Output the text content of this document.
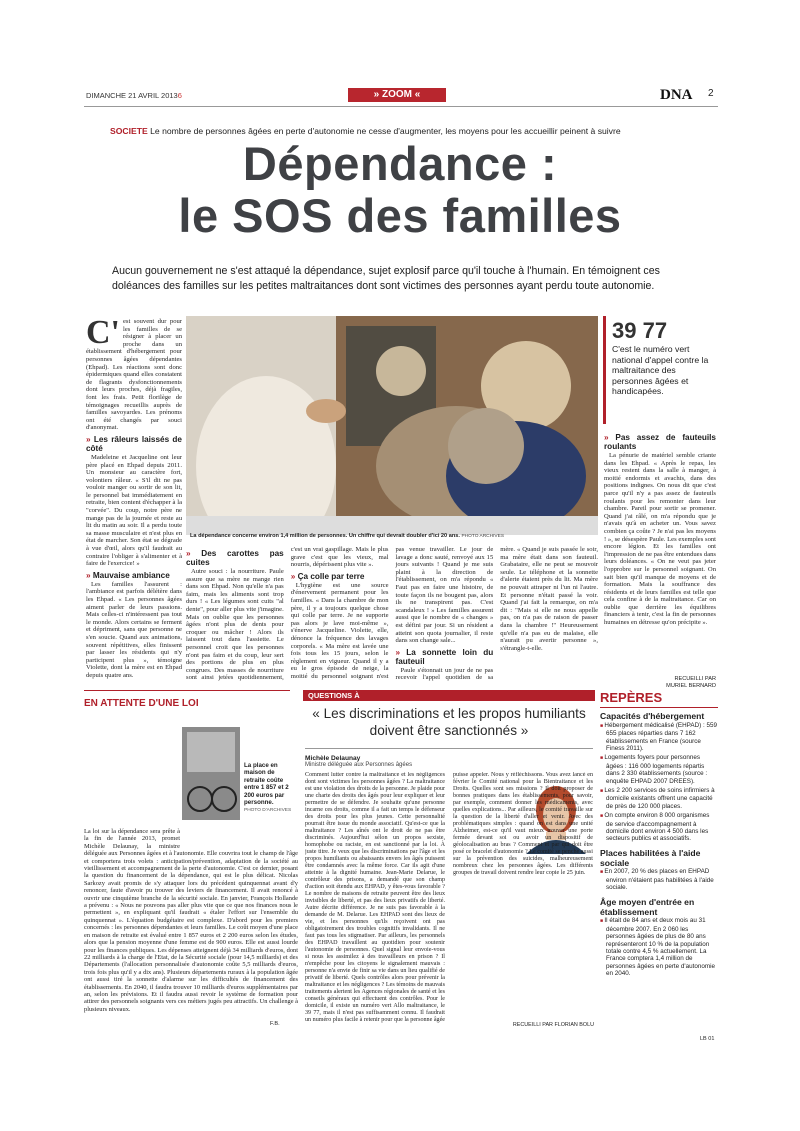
DIMANCHE 21 AVRIL 20136	» ZOOM «	DNA 2
SOCIETE Le nombre de personnes âgées en perte d'autonomie ne cesse d'augmenter, les moyens pour les accueillir peinent à suivre
Dépendance :
le SOS des familles
Aucun gouvernement ne s'est attaqué la dépendance, sujet explosif parce qu'il touche à l'humain. En témoignent ces doléances des familles sur les petites maltraitances dont sont victimes des personnes ayant perdu toute autonomie.
La dépendance concerne environ 1,4 million de personnes. Un chiffre qui devrait doubler d'ici 20 ans. PHOTO ARCHIVES
39 77
C'est le numéro vert national d'appel contre la maltraitance des personnes âgées et handicapées.

C' est souvent dur pour les familles de se résigner à placer un proche dans un établissement d'hébergement pour personnes âgées dépendantes (Ehpad). Les réactions sont donc épidermiques quand elles constatent de flagrants dysfonctionnements dont leurs proches, déjà fragiles, font les frais. Petit florilège de témoignages recueillis auprès de familles savoyardes. Les prénoms ont été changés par souci d'anonymat.

» Les râleurs laissés de côté

Madeleine et Jacqueline ont leur père placé en Ehpad depuis 2011. Un monsieur au caractère fort, volontiers râleur. « S'il dit ne pas vouloir manger ou sortir de son lit, le personnel bat immédiatement en retraite, bien content d'échapper à la "corvée". Du coup, notre père ne mange pas de la journée et reste au lit du matin au soir. Il a perdu toute sa masse musculaire et n'est plus en état de marcher. Son état se dégrade à vue d'œil, alors qu'il faudrait au contraire l'obliger à s'alimenter et à faire de l'exercice! »

» Mauvaise ambiance

Les familles l'assurent : l'ambiance est parfois délétère dans les Ehpad. « Les personnes âgées aiment parler de leurs passions. Mais celles-ci n'intéressent pas tout le monde. Alors certains se ferment et dépriment, sans que personne ne s'en soucie. Quand aux animations, souvent répétitives, elles finissent par lasser les résidents qui n'y participent plus », témoigne Violette, dont la mère est en Ehpad depuis quatre ans.

» Des carottes pas cuites

Autre souci : la nourriture. Paule assure que sa mère ne mange rien dans son Ehpad. Non qu'elle n'a pas faim, mais les aliments sont trop durs ! « Les légumes sont cuits "al dente", pour aller plus vite j'imagine. Mais on oublie que les personnes âgées n'ont plus de dents pour croquer ou mâcher ! Alors ils laissent tout dans l'assiette. Le personnel croit que les personnes n'ont pas faim et du coup, leur sert des portions de plus en plus congrues. Des masses de nourriture sont ainsi jetées quotidiennement, c'est un vrai gaspillage. Mais le plus grave c'est que les vieux, mal nourris, dépérissent plus vite ».

» Ça colle par terre

L'hygiène est une source d'énervement permanent pour les familles. « Dans la chambre de mon père, il y a toujours quelque chose qui colle par terre. Je ne supporte pas alors je lave moi-même », s'énerve Jacqueline. Violette, elle, dénonce la fréquence des lavages corporels. « Ma mère est lavée une fois tous les 15 jours, selon le règlement en vigueur. Quand il y a eu le gros épisode de neige, la moitié du personnel soignant n'est pas venue travailler. Le jour de lavage a donc sauté, renvoyé aux 15 jours suivants ! Quand je me suis plaint à la direction de l'établissement, on m'a répondu « Faut pas en faire une histoire, de toute façon ils ne bougent pas, alors ils ne transpirent pas. C'est scandaleux ! » Les familles assurent aussi que le nombre de « changes » est défini par jour. Si un résident a atteint son quota journalier, il reste dans son change sale...

» La sonnette loin du fauteuil

Paule s'étonnait un jour de ne pas recevoir l'appel quotidien de sa mère. « Quand je suis passée le soir, ma mère était dans son fauteuil. Grabataire, elle ne peut se mouvoir seule. Le téléphone et la sonnette d'alerte étaient près du lit. Ma mère ne pouvait attraper ni l'un ni l'autre. Et personne n'était passé la voir. Quand j'ai fait la remarque, on m'a dit : "Mais si elle ne nous appelle pas, on n'a pas de raison de passer dans la chambre !" Heureusement qu'elle n'a pas eu de malaise, elle n'aurait pu avertir personne », s'étrangle-t-elle.

» Pas assez de fauteuils roulants

La pénurie de matériel semble criante dans les Ehpad. « Après le repas, les vieux restent dans la salle à manger, à moitié endormis et avachis, dans des positions indignes. On nous dit que c'est parce qu'il n'y a pas assez de fauteuils roulants pour les remonter dans leur chambre. Pareil pour sortir se promener. Quand j'ai râlé, on m'a répondu que je n'avais qu'à en acheter un. Vous savez combien ça coûte ? Je n'ai pas les moyens ! », se désespère Paule. Les exemples sont encore légion. Et les familles ont l'impression de ne pas être entendues dans leurs doléances. « On ne veut pas jeter l'opprobre sur le personnel soignant. On sait bien qu'il manque de moyens et de formation. Mais la souffrance des résidents et de leurs familles est telle que cela confine à de la maltraitance. Car on oublie que derrière les équilibres financiers à tenir, c'est la fin de personnes humaines en détresse qu'on précipite ».

RECUEILLI PAR
MURIEL BERNARD
EN ATTENTE D'UNE LOI
La place en maison de retraite coûte entre 1 857 et 2 200 euros par personne.
PHOTO D'ARCHIVES
La loi sur la dépendance sera prête à la fin de l'année 2013, promet Michèle Delaunay, la ministre déléguée aux Personnes âgées et à l'autonomie. Elle couvrira tout le champ de l'âge et comportera trois volets : anticipation/prévention, adaptation de la société au vieillissement et accompagnement de la perte d'autonomie. C'est ce dernier, posant la question du financement de la dépendance, qui est le plus délicat. Nicolas Sarkozy avait promis de s'y attaquer lors du précédent quinquennat avant d'y renoncer, faute d'avoir pu trouver des leviers de financement. Il avait renoncé à ouvrir une cinquième branche de la sécurité sociale. En janvier, François Hollande a prévenu : « Nous ne pouvons pas aller plus vite que ce que nos finances nous le permettent », en expliquant qu'il faudrait « étaler l'effort sur l'ensemble du quinquennat ». L'équation budgétaire est complexe. D'abord pour les premiers concernés : les personnes dépendantes et leurs familles. Le coût moyen d'une place en maison de retraite est évalué entre 1 857 euros et 2 200 euros selon les études, alors que la pension moyenne d'une femme est de 900 euros. Elle est aussi lourde pour les finances publiques. Les dépenses atteignent déjà 34 milliards d'euros, dont 22 milliards à la charge de l'Etat, de la Sécurité sociale (pour 14,5 milliards) et des Départements (l'allocation personnalisée d'autonomie coûte 5,5 milliards d'euros, trois fois plus qu'il y a dix ans). Plusieurs départements ruraux à la population âgée ont aussi tiré la sonnette d'alarme sur les difficultés de financement des établissements. En 2040, il faudra trouver 10 milliards d'euros supplémentaires par an, selon les prévisions. Et il faudra aussi revoir le système de formation pour attirer des personnels soignants vers ces métiers jugés peu attractifs. Un challenge à plusieurs niveaux.
F.B.
QUESTIONS À
« Les discriminations et les propos humiliants doivent être sanctionnés »
Michèle Delaunay
Ministre déléguée aux Personnes âgées

Comment lutter contre la maltraitance et les négligences dont sont victimes les personnes âgées ? La maltraitance est une violation des droits de la personne. Je plaide pour une charte des droits des âgés pour leur expliquer et leur permettre de se défendre. Je souhaite qu'une personne incarne ces droits, comme il a fait un temps le défenseur des droits pour les plus jeunes. Cette personnalité pourrait être issue du monde associatif. Qu'est-ce que la maltraitance ? Les aînés ont le droit de ne pas être discriminés. Aujourd'hui sélon un propos sexiste, homophobe ou raciste, en est sanctionné par la loi. À juste titre. Je veux que les discriminations par l'âge et les propos humiliants ou abaissants envers les âgés puissent être condamnés avec la même force. Car ils agit d'une atteinte à la dignité humaine. Jean-Marie Delarue, le contrôleur des prisons, a demandé que son champ d'action soit étendu aux EHPAD, y êtes-vous favorable ? Le nombre de maisons de retraite peuvent être des lieux invisibles de liberté, et pas des lieux privatifs de liberté. Autre décrite différence. Je ne suis pas favorable à la demande de M. Delarue. Les EHPAD sont des lieux de vie, et les personnes qu'ils reçoivent ont pas obligatoirement des troubles cognitifs invalidants. Il ne faut pas tous les stigmatiser. Par ailleurs, les personnels des EHPAD travaillent au quotidien pour soutenir l'autonomie de personnes. Quel signal leur envoie-vous si nous les assimilez à des travailleurs en prison ? Il n'empêche pour les citoyens le signalement mauvais : personne n'a envie de finir sa vie dans un lieu qualifié de privatif de liberté. Quels contrôles alors pour prévenir la maltraitance et les négligences ? Les témoins de mauvais traitements alertent les Agences régionales de santé et les conseils généraux qui effectuent des contrôles. Pour le domicile, il existe un numéro vert Allo maltraitance, le 39 77, mais il n'est pas suffisamment connu. Il faudrait un numéro plus facile à retenir pour que la personne âgée puisse appeler. Nous y réfléchissons. Vous avez lancé en février le Comité national pour la Bientraitance et les Droits. Quelles sont ses missions ? Il doit proposer de bonnes pratiques dans les établissements, pour savoir, par exemple, comment donner les médicaments, avec quelles explications... Par ailleurs, le comité travaille sur la question de la liberté d'aller et venir. Avec des problématiques simples : quand on est dans une unité Alzheimer, est-ce qu'il vaut mieux trouver une porte fermée devant soi ou avoir un dispositif de géolocalisation au bras ? Comment et par qui doit être posé ce bracelet d'autonomie ? Le comité se penche aussi sur la prévention des suicides, malheureusement nombreux chez les personnes âgées. Les différents groupes de travail doivent rendre leur copie le 25 juin.

RECUEILLI PAR FLORIAN BOLU
REPÈRES
Capacités d'hébergement
■ Hébergement médicalisé (EHPAD) : 559 655 places réparties dans 7 162 établissements en France (source Finess 2011).
■ Logements foyers pour personnes âgées : 116 000 logements répartis dans 2 330 établissements (source : enquête EHPAD 2007 DREES).
■ Les 2 200 services de soins infirmiers à domicile existants offrent une capacité de près de 120 000 places.
■ On compte environ 8 000 organismes de service d'accompagnement à domicile dont environ 4 500 dans les secteurs publics et associatifs.
Places habilitées à l'aide sociale
■ En 2007, 20 % des places en EHPAD environ n'étaient pas habilitées à l'aide sociale.
Âge moyen d'entrée en établissement
■ Il était de 84 ans et deux mois au 31 décembre 2007. En 2 060 les personnes âgées de plus de 80 ans représenteront 10 % de la population totale contre 4,5 % actuellement. La France comptera 1,4 million de personnes âgées en perte d'autonomie en 2040.
LB 01
